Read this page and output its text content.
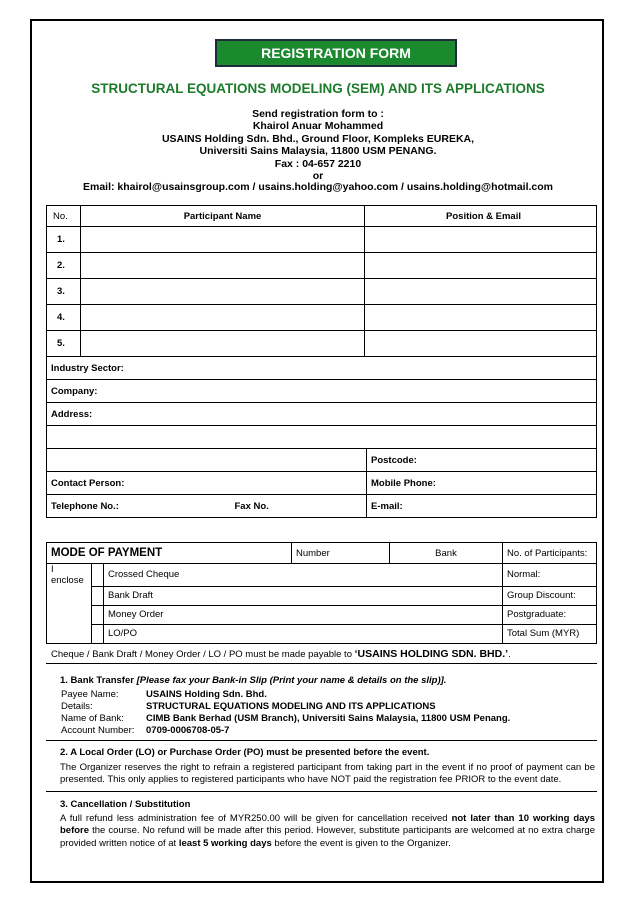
REGISTRATION FORM
STRUCTURAL EQUATIONS MODELING (SEM) AND ITS APPLICATIONS
Send registration form to :
Khairol Anuar Mohammed
USAINS Holding Sdn. Bhd., Ground Floor, Kompleks EUREKA,
Universiti Sains Malaysia, 11800 USM PENANG.
Fax : 04-657 2210
or
Email: khairol@usainsgroup.com / usains.holding@yahoo.com / usains.holding@hotmail.com
No.	Participant Name	Position & Email	
1.			
2.			
3.			
4.			
5.			
Industry Sector:			
Company:			
Address:			

			Postcode:
Contact Person:			Mobile Phone:
Telephone No.: Fax No.			E-mail:
MODE OF PAYMENT			Number	Bank	No. of Participants:
I enclose		Crossed Cheque			Normal:
		Bank Draft			Group Discount:
		Money Order			Postgraduate:
		LO/PO			Total Sum (MYR)
Cheque / Bank Draft / Money Order / LO / PO must be made payable to ‘USAINS HOLDING SDN. BHD.’.
1. Bank Transfer [Please fax your Bank-in Slip (Print your name & details on the slip)].
Payee Name:	USAINS Holding Sdn. Bhd.
Details:	STRUCTURAL EQUATIONS MODELING AND ITS APPLICATIONS
Name of Bank: CIMB Bank Berhad (USM Branch), Universiti Sains Malaysia, 11800 USM Penang.
Account Number: 0709-0006708-05-7
2. A Local Order (LO) or Purchase Order (PO) must be presented before the event.
The Organizer reserves the right to refrain a registered participant from taking part in the event if no proof of payment can be presented. This only applies to registered participants who have NOT paid the registration fee PRIOR to the event date.
3. Cancellation / Substitution
A full refund less administration fee of MYR250.00 will be given for cancellation received not later than 10 working days before the course. No refund will be made after this period. However, substitute participants are welcomed at no extra charge provided written notice of at least 5 working days before the event is given to the Organizer.
